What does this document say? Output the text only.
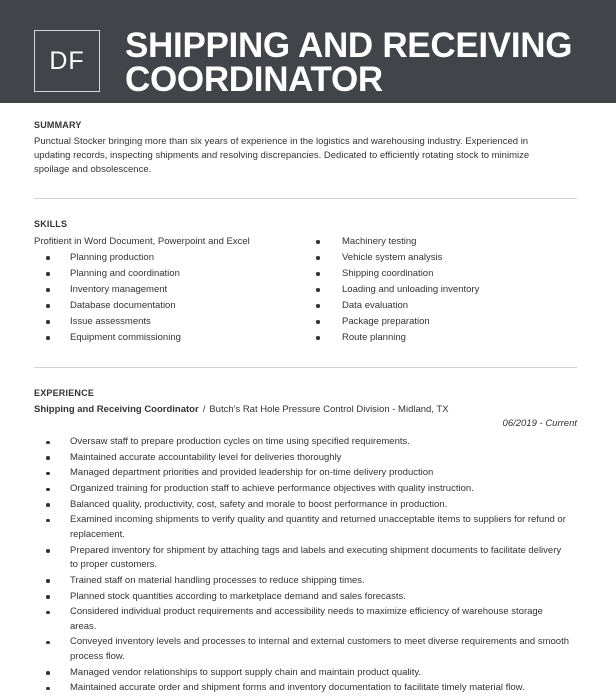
DF	SHIPPING AND RECEIVING COORDINATOR
SUMMARY

Punctual Stocker bringing more than six years of experience in the logistics and warehousing industry. Experienced in updating records, inspecting shipments and resolving discrepancies. Dedicated to efficiently rotating stock to minimize spoilage and obsolescence.

SKILLS
Profitient in Word Document, Powerpoint and Excel
Planning production
Planning and coordination
Inventory management
Database documentation
Issue assessments
Equipment commissioning
Machinery testing
Vehicle system analysis
Shipping coordination
Loading and unloading inventory
Data evaluation
Package preparation
Route planning
EXPERIENCE
Shipping and Receiving Coordinator / Butch's Rat Hole Pressure Control Division - Midland, TX
06/2019 - Current
Oversaw staff to prepare production cycles on time using specified requirements.
Maintained accurate accountability level for deliveries thoroughly
Managed department priorities and provided leadership for on-time delivery production
Organized training for production staff to achieve performance objectives with quality instruction.
Balanced quality, productivity, cost, safety and morale to boost performance in production.
Examined incoming shipments to verify quality and quantity and returned unacceptable items to suppliers for refund or replacement.
Prepared inventory for shipment by attaching tags and labels and executing shipment documents to facilitate delivery to proper customers.
Trained staff on material handling processes to reduce shipping times.
Planned stock quantities according to marketplace demand and sales forecasts.
Considered individual product requirements and accessibility needs to maximize efficiency of warehouse storage areas.
Conveyed inventory levels and processes to internal and external customers to meet diverse requirements and smooth process flow.
Managed vendor relationships to support supply chain and maintain product quality.
Maintained accurate order and shipment forms and inventory documentation to facilitate timely material flow.
